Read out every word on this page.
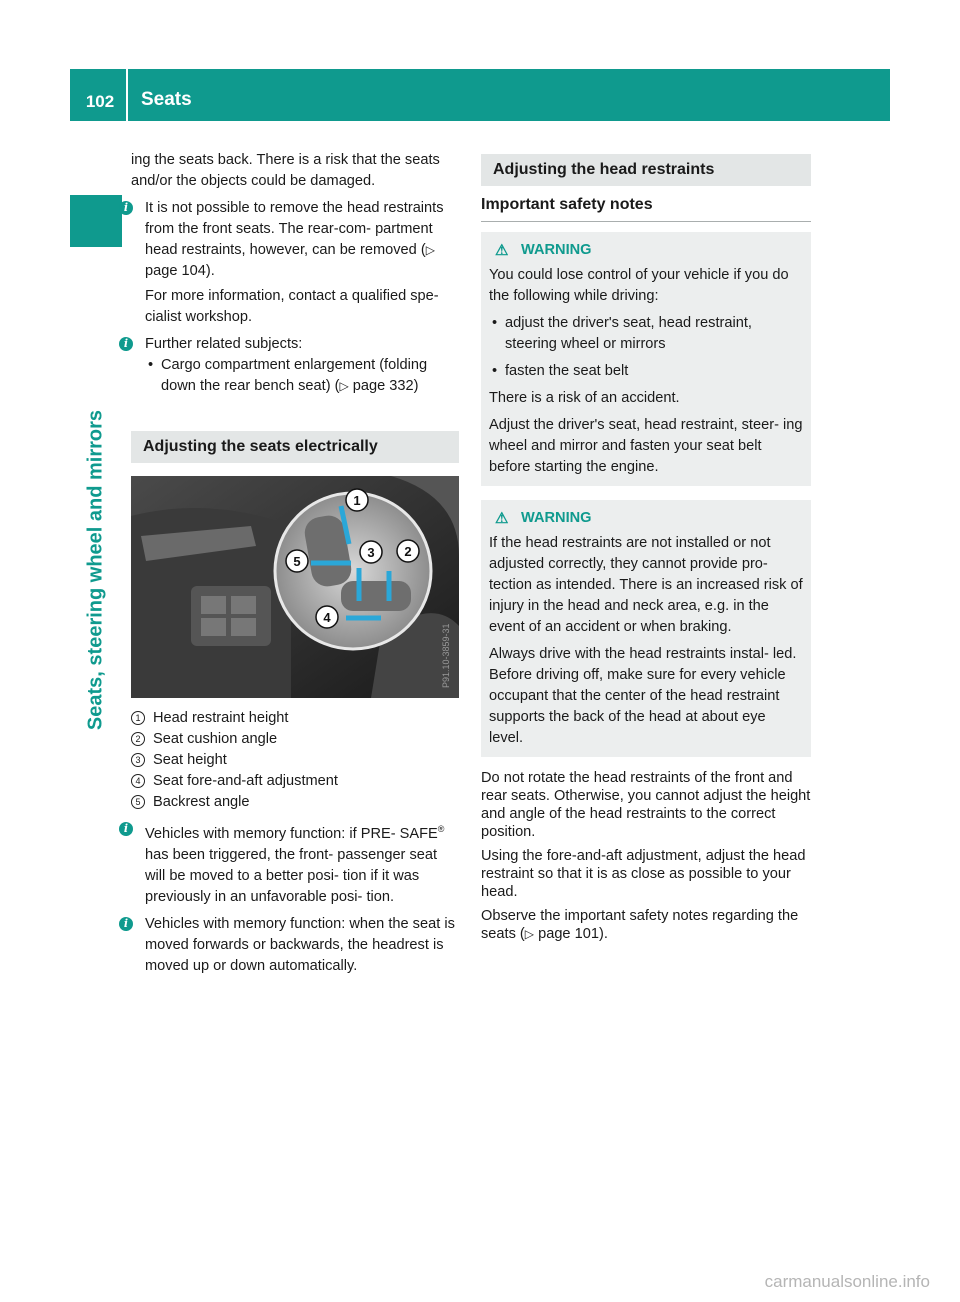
102	Seats
Seats, steering wheel and mirrors

ing the seats back. There is a risk that the seats and/or the objects could be damaged.

i	It is not possible to remove the head restraints from the front seats. The rear-com- partment head restraints, however, can be removed (▷ page 104).

For more information, contact a qualified spe- cialist workshop.

i	Further related subjects:

• Cargo compartment enlargement (folding down the rear bench seat) (▷ page 332)
Adjusting the seats electrically
1
2
3
4
5
P91.10-3859-31
1 Head restraint height
2 Seat cushion angle
3 Seat height
4 Seat fore-and-aft adjustment
5 Backrest angle
i	Vehicles with memory function: if PRE- SAFE® has been triggered, the front- passenger seat will be moved to a better posi- tion if it was previously in an unfavorable posi- tion.

i	Vehicles with memory function: when the seat is moved forwards or backwards, the headrest is moved up or down automatically.

Adjusting the head restraints
Important safety notes
⚠ WARNING

You could lose control of your vehicle if you do the following while driving:

• adjust the driver's seat, head restraint, steering wheel or mirrors
• fasten the seat belt

There is a risk of an accident.

Adjust the driver's seat, head restraint, steer- ing wheel and mirror and fasten your seat belt before starting the engine.

⚠ WARNING

If the head restraints are not installed or not adjusted correctly, they cannot provide pro- tection as intended. There is an increased risk of injury in the head and neck area, e.g. in the event of an accident or when braking.

Always drive with the head restraints instal- led. Before driving off, make sure for every vehicle occupant that the center of the head restraint supports the back of the head at about eye level.

Do not rotate the head restraints of the front and rear seats. Otherwise, you cannot adjust the height and angle of the head restraints to the correct position.

Using the fore-and-aft adjustment, adjust the head restraint so that it is as close as possible to your head.

Observe the important safety notes regarding the seats (▷ page 101).

carmanualsonline.info
